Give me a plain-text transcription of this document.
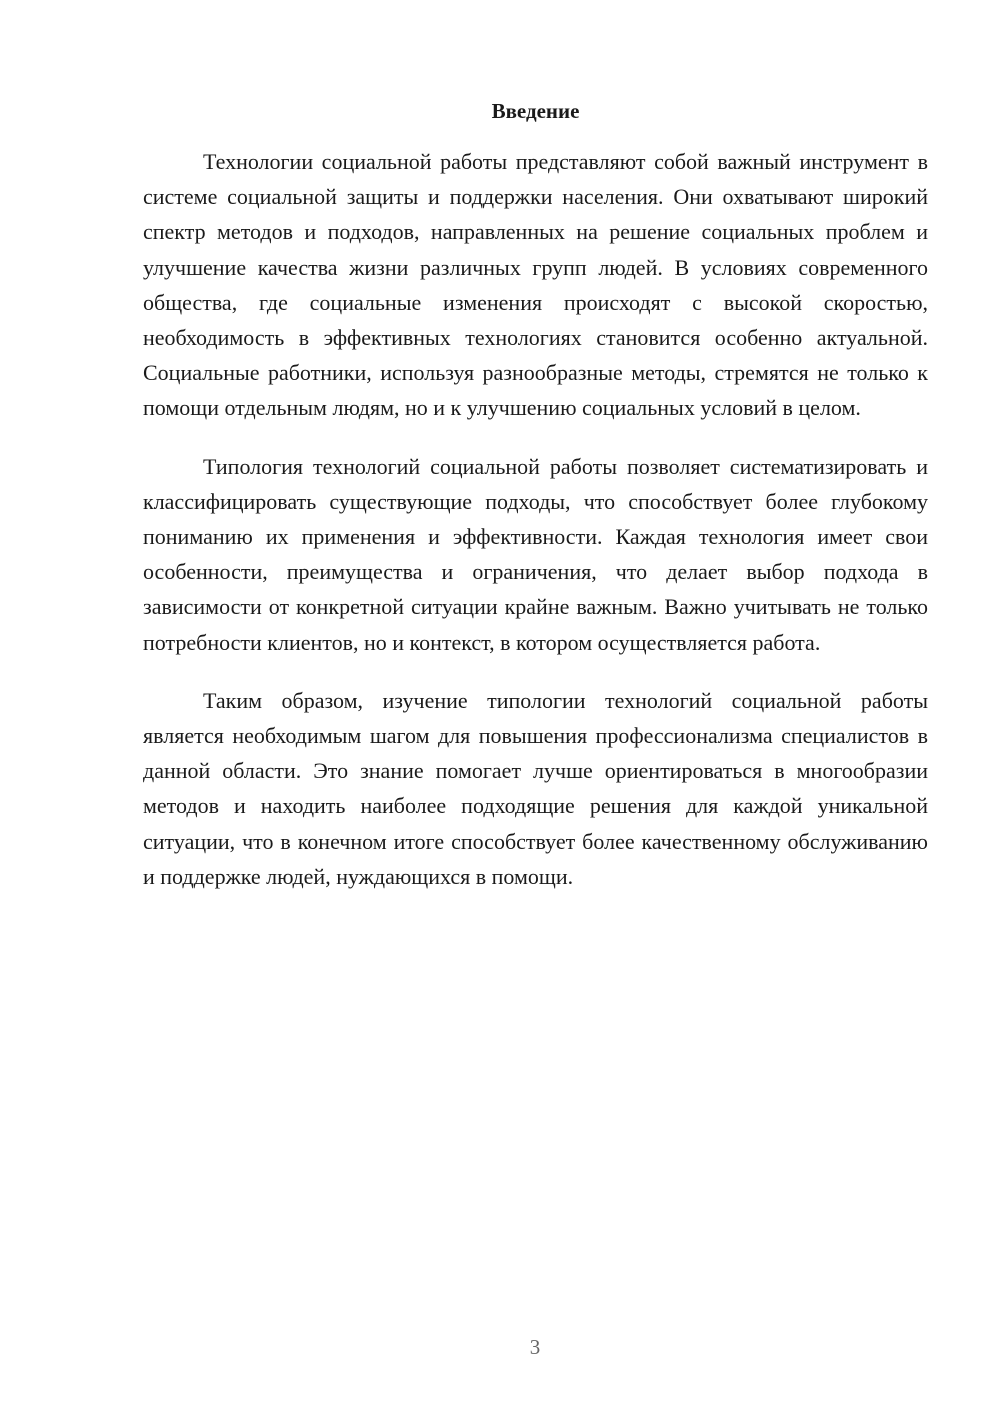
Введение

Технологии социальной работы представляют собой важный инструмент в системе социальной защиты и поддержки населения. Они охватывают широкий спектр методов и подходов, направленных на решение социальных проблем и улучшение качества жизни различных групп людей. В условиях современного общества, где социальные изменения происходят с высокой скоростью, необходимость в эффективных технологиях становится особенно актуальной. Социальные работники, используя разнообразные методы, стремятся не только к помощи отдельным людям, но и к улучшению социальных условий в целом.

Типология технологий социальной работы позволяет систематизировать и классифицировать существующие подходы, что способствует более глубокому пониманию их применения и эффективности. Каждая технология имеет свои особенности, преимущества и ограничения, что делает выбор подхода в зависимости от конкретной ситуации крайне важным. Важно учитывать не только потребности клиентов, но и контекст, в котором осуществляется работа.

Таким образом, изучение типологии технологий социальной работы является необходимым шагом для повышения профессионализма специалистов в данной области. Это знание помогает лучше ориентироваться в многообразии методов и находить наиболее подходящие решения для каждой уникальной ситуации, что в конечном итоге способствует более качественному обслуживанию и поддержке людей, нуждающихся в помощи.

3
